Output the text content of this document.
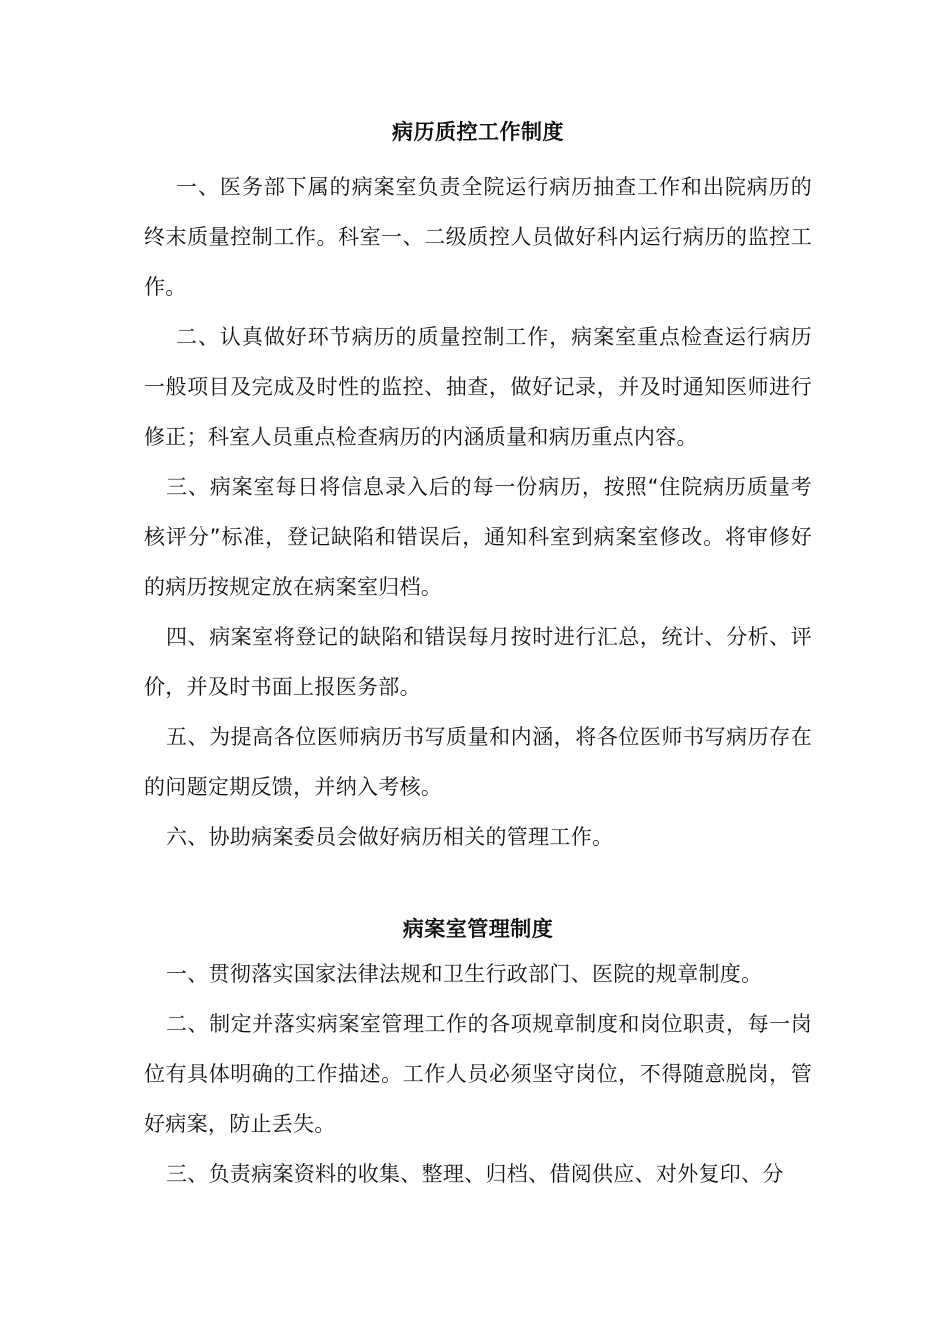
病历质控工作制度

一、医务部下属的病案室负责全院运行病历抽查工作和出院病历的终末质量控制工作。科室一、二级质控人员做好科内运行病历的监控工作。

二、认真做好环节病历的质量控制工作，病案室重点检查运行病历一般项目及完成及时性的监控、抽查，做好记录，并及时通知医师进行修正；科室人员重点检查病历的内涵质量和病历重点内容。

三、病案室每日将信息录入后的每一份病历，按照“住院病历质量考核评分”标准，登记缺陷和错误后，通知科室到病案室修改。将审修好的病历按规定放在病案室归档。

四、病案室将登记的缺陷和错误每月按时进行汇总，统计、分析、评价，并及时书面上报医务部。

五、为提高各位医师病历书写质量和内涵，将各位医师书写病历存在的问题定期反馈，并纳入考核。

六、协助病案委员会做好病历相关的管理工作。

病案室管理制度

一、贯彻落实国家法律法规和卫生行政部门、医院的规章制度。

二、制定并落实病案室管理工作的各项规章制度和岗位职责，每一岗位有具体明确的工作描述。工作人员必须坚守岗位，不得随意脱岗，管好病案，防止丢失。

三、负责病案资料的收集、整理、归档、借阅供应、对外复印、分
